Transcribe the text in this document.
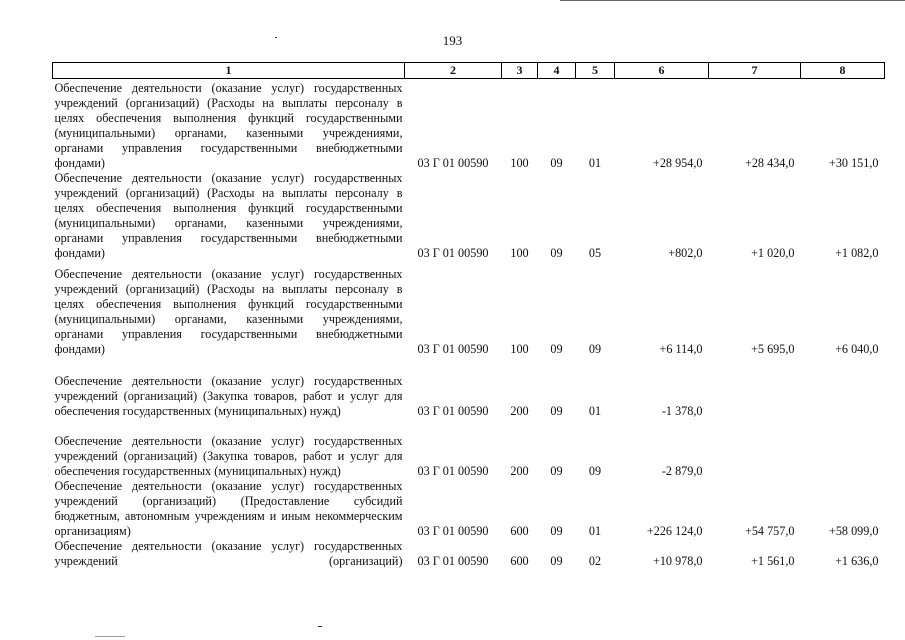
193
1	2	3	4	5	6	7	8
Обеспечение деятельности (оказание услуг) государственных учреждений (организаций) (Расходы на выплаты персоналу в целях обеспечения выполнения функций государственными (муниципальными) органами, казенными учреждениями, органами управления государственными внебюджетными фондами)	03 Г 01 00590	100	09	01	+28 954,0	+28 434,0	+30 151,0
Обеспечение деятельности (оказание услуг) государственных учреждений (организаций) (Расходы на выплаты персоналу в целях обеспечения выполнения функций государственными (муниципальными) органами, казенными учреждениями, органами управления государственными внебюджетными фондами)	03 Г 01 00590	100	09	05	+802,0	+1 020,0	+1 082,0
Обеспечение деятельности (оказание услуг) государственных учреждений (организаций) (Расходы на выплаты персоналу в целях обеспечения выполнения функций государственными (муниципальными) органами, казенными учреждениями, органами управления государственными внебюджетными фондами)	03 Г 01 00590	100	09	09	+6 114,0	+5 695,0	+6 040,0
Обеспечение деятельности (оказание услуг) государственных учреждений (организаций) (Закупка товаров, работ и услуг для обеспечения государственных (муниципальных) нужд)	03 Г 01 00590	200	09	01	-1 378,0		
Обеспечение деятельности (оказание услуг) государственных учреждений (организаций) (Закупка товаров, работ и услуг для обеспечения государственных (муниципальных) нужд)	03 Г 01 00590	200	09	09	-2 879,0		
Обеспечение деятельности (оказание услуг) государственных учреждений (организаций) (Предоставление субсидий бюджетным, автономным учреждениям и иным некоммерческим организациям)	03 Г 01 00590	600	09	01	+226 124,0	+54 757,0	+58 099,0
Обеспечение деятельности (оказание услуг) государственных учреждений (организаций)	03 Г 01 00590	600	09	02	+10 978,0	+1 561,0	+1 636,0
